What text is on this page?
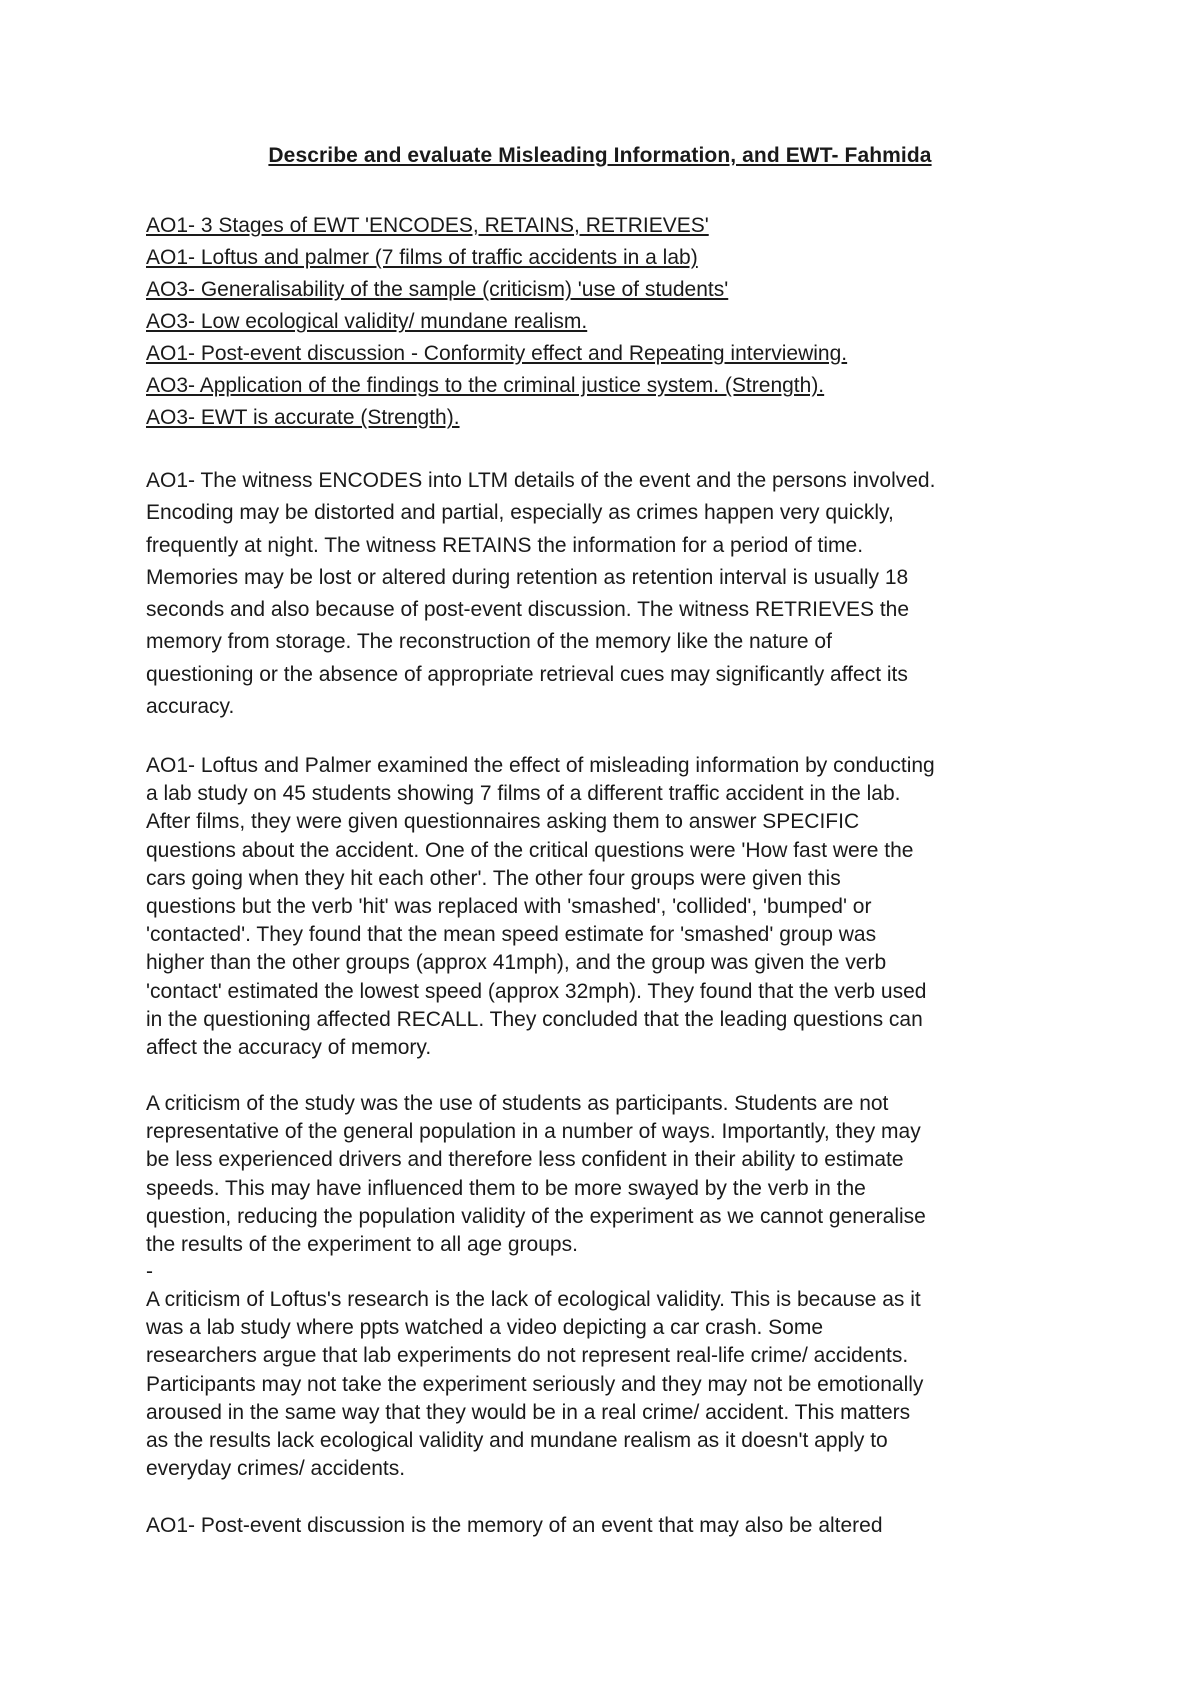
Describe and evaluate Misleading Information, and EWT- Fahmida
AO1- 3 Stages of EWT 'ENCODES, RETAINS, RETRIEVES'
AO1- Loftus and palmer (7 films of traffic accidents in a lab)
AO3- Generalisability of the sample (criticism) 'use of students'
AO3- Low ecological validity/ mundane realism.
AO1- Post-event discussion - Conformity effect and Repeating interviewing.
AO3- Application of the findings to the criminal justice system. (Strength).
AO3- EWT is accurate (Strength).

AO1- The witness ENCODES into LTM details of the event and the persons involved.
Encoding may be distorted and partial, especially as crimes happen very quickly,
frequently at night. The witness RETAINS the information for a period of time.
Memories may be lost or altered during retention as retention interval is usually 18
seconds and also because of post-event discussion. The witness RETRIEVES the
memory from storage. The reconstruction of the memory like the nature of
questioning or the absence of appropriate retrieval cues may significantly affect its
accuracy.

AO1- Loftus and Palmer examined the effect of misleading information by conducting
a lab study on 45 students showing 7 films of a different traffic accident in the lab.
After films, they were given questionnaires asking them to answer SPECIFIC
questions about the accident. One of the critical questions were 'How fast were the
cars going when they hit each other'. The other four groups were given this
questions but the verb 'hit' was replaced with 'smashed', 'collided', 'bumped' or
'contacted'. They found that the mean speed estimate for 'smashed' group was
higher than the other groups (approx 41mph), and the group was given the verb
'contact' estimated the lowest speed (approx 32mph). They found that the verb used
in the questioning affected RECALL. They concluded that the leading questions can
affect the accuracy of memory.

A criticism of the study was the use of students as participants. Students are not
representative of the general population in a number of ways. Importantly, they may
be less experienced drivers and therefore less confident in their ability to estimate
speeds. This may have influenced them to be more swayed by the verb in the
question, reducing the population validity of the experiment as we cannot generalise
the results of the experiment to all age groups.

-

A criticism of Loftus's research is the lack of ecological validity. This is because as it
was a lab study where ppts watched a video depicting a car crash. Some
researchers argue that lab experiments do not represent real-life crime/ accidents.
Participants may not take the experiment seriously and they may not be emotionally
aroused in the same way that they would be in a real crime/ accident. This matters
as the results lack ecological validity and mundane realism as it doesn't apply to
everyday crimes/ accidents.

AO1- Post-event discussion is the memory of an event that may also be altered
